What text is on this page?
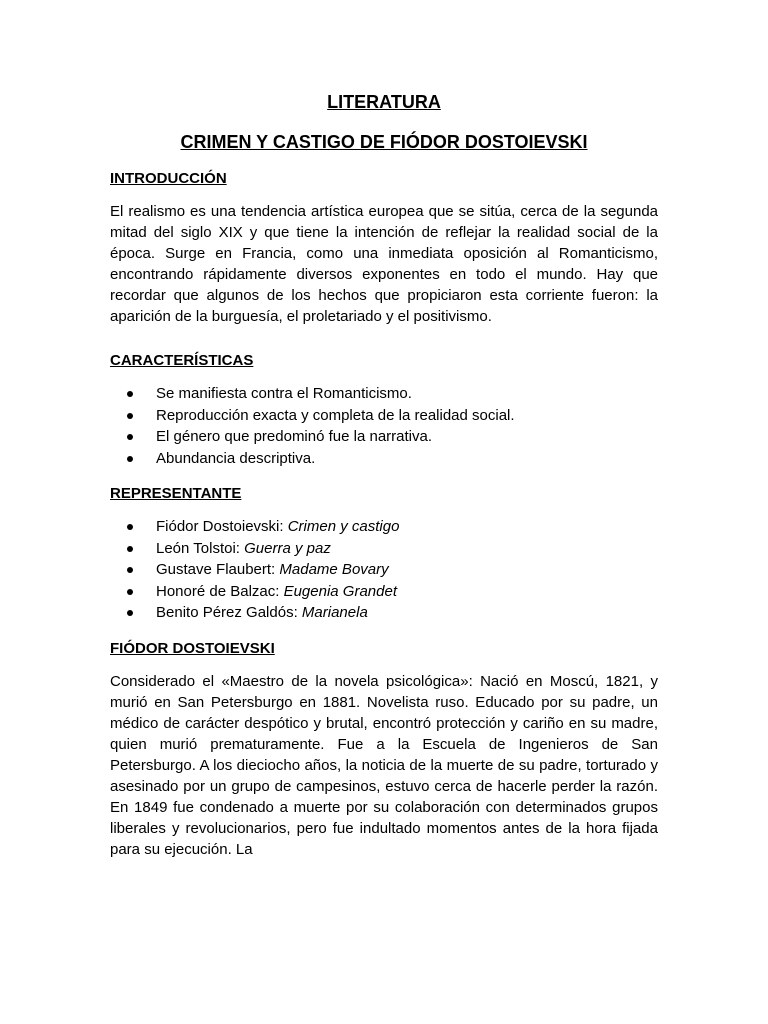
LITERATURA
CRIMEN Y CASTIGO DE FIÓDOR DOSTOIEVSKI
INTRODUCCIÓN

El realismo es una tendencia artística europea que se sitúa, cerca de la segunda mitad del siglo XIX y que tiene la intención de reflejar la realidad social de la época. Surge en Francia, como una inmediata oposición al Romanticismo, encontrando rápidamente diversos exponentes en todo el mundo. Hay que recordar que algunos de los hechos que propiciaron esta corriente fueron: la aparición de la burguesía, el proletariado y el positivismo.

CARACTERÍSTICAS
Se manifiesta contra el Romanticismo.
Reproducción exacta y completa de la realidad social.
El género que predominó fue la narrativa.
Abundancia descriptiva.
REPRESENTANTE
Fiódor Dostoievski: Crimen y castigo
León Tolstoi: Guerra y paz
Gustave Flaubert: Madame Bovary
Honoré de Balzac: Eugenia Grandet
Benito Pérez Galdós: Marianela
FIÓDOR DOSTOIEVSKI

Considerado el «Maestro de la novela psicológica»: Nació en Moscú, 1821, y murió en San Petersburgo en 1881. Novelista ruso. Educado por su padre, un médico de carácter despótico y brutal, encontró protección y cariño en su madre, quien murió prematuramente. Fue a la Escuela de Ingenieros de San Petersburgo. A los dieciocho años, la noticia de la muerte de su padre, torturado y asesinado por un grupo de campesinos, estuvo cerca de hacerle perder la razón. En 1849 fue condenado a muerte por su colaboración con determinados grupos liberales y revolucionarios, pero fue indultado momentos antes de la hora fijada para su ejecución. La
